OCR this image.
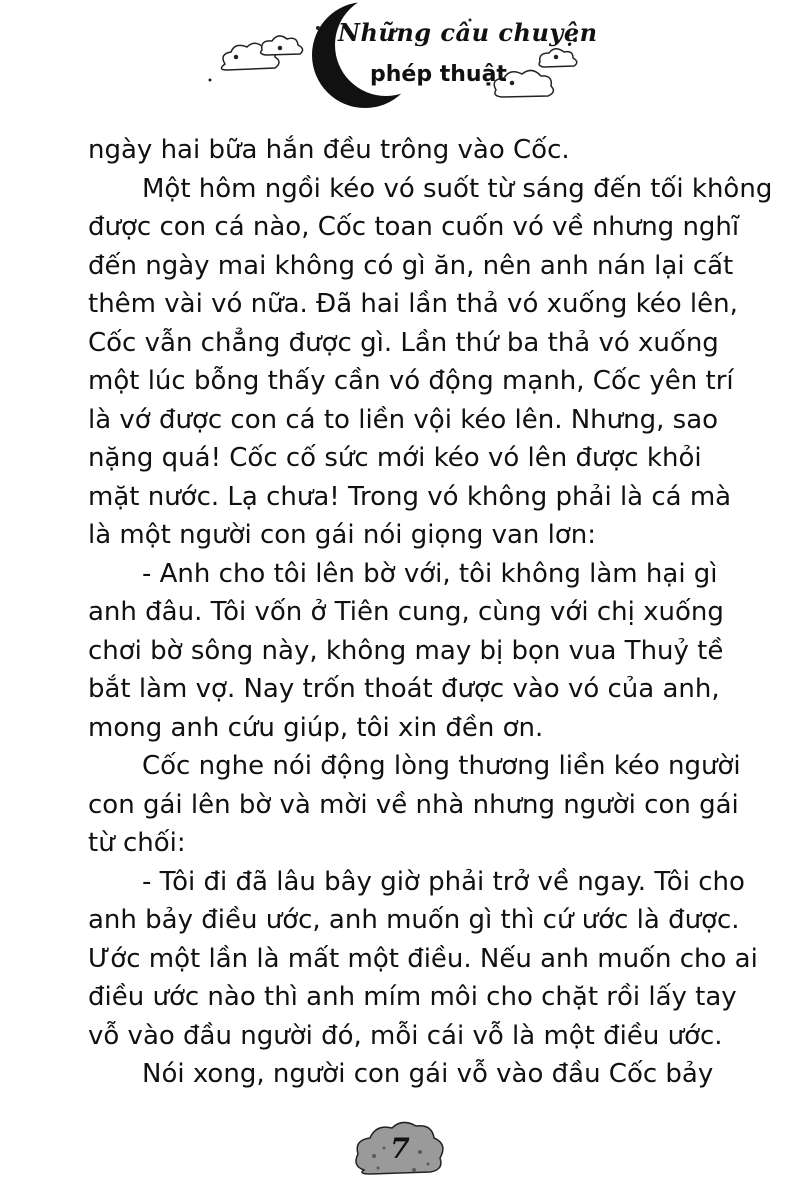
Những câu chuyện
phép thuật
ngày hai bữa hắn đều trông vào Cốc.
Một hôm ngồi kéo vó suốt từ sáng đến tối không
được con cá nào, Cốc toan cuốn vó về nhưng nghĩ
đến ngày mai không có gì ăn, nên anh nán lại cất
thêm vài vó nữa. Đã hai lần thả vó xuống kéo lên,
Cốc vẫn chẳng được gì. Lần thứ ba thả vó xuống
một lúc bỗng thấy cần vó động mạnh, Cốc yên trí
là vớ được con cá to liền vội kéo lên. Nhưng, sao
nặng quá! Cốc cố sức mới kéo vó lên được khỏi
mặt nước. Lạ chưa! Trong vó không phải là cá mà
là một người con gái nói giọng van lơn:
- Anh cho tôi lên bờ với, tôi không làm hại gì
anh đâu. Tôi vốn ở Tiên cung, cùng với chị xuống
chơi bờ sông này, không may bị bọn vua Thuỷ tề
bắt làm vợ. Nay trốn thoát được vào vó của anh,
mong anh cứu giúp, tôi xin đền ơn.
Cốc nghe nói động lòng thương liền kéo người
con gái lên bờ và mời về nhà nhưng người con gái
từ chối:
- Tôi đi đã lâu bây giờ phải trở về ngay. Tôi cho
anh bảy điều ước, anh muốn gì thì cứ ước là được.
Ước một lần là mất một điều. Nếu anh muốn cho ai
điều ước nào thì anh mím môi cho chặt rồi lấy tay
vỗ vào đầu người đó, mỗi cái vỗ là một điều ước.
Nói xong, người con gái vỗ vào đầu Cốc bảy
7
